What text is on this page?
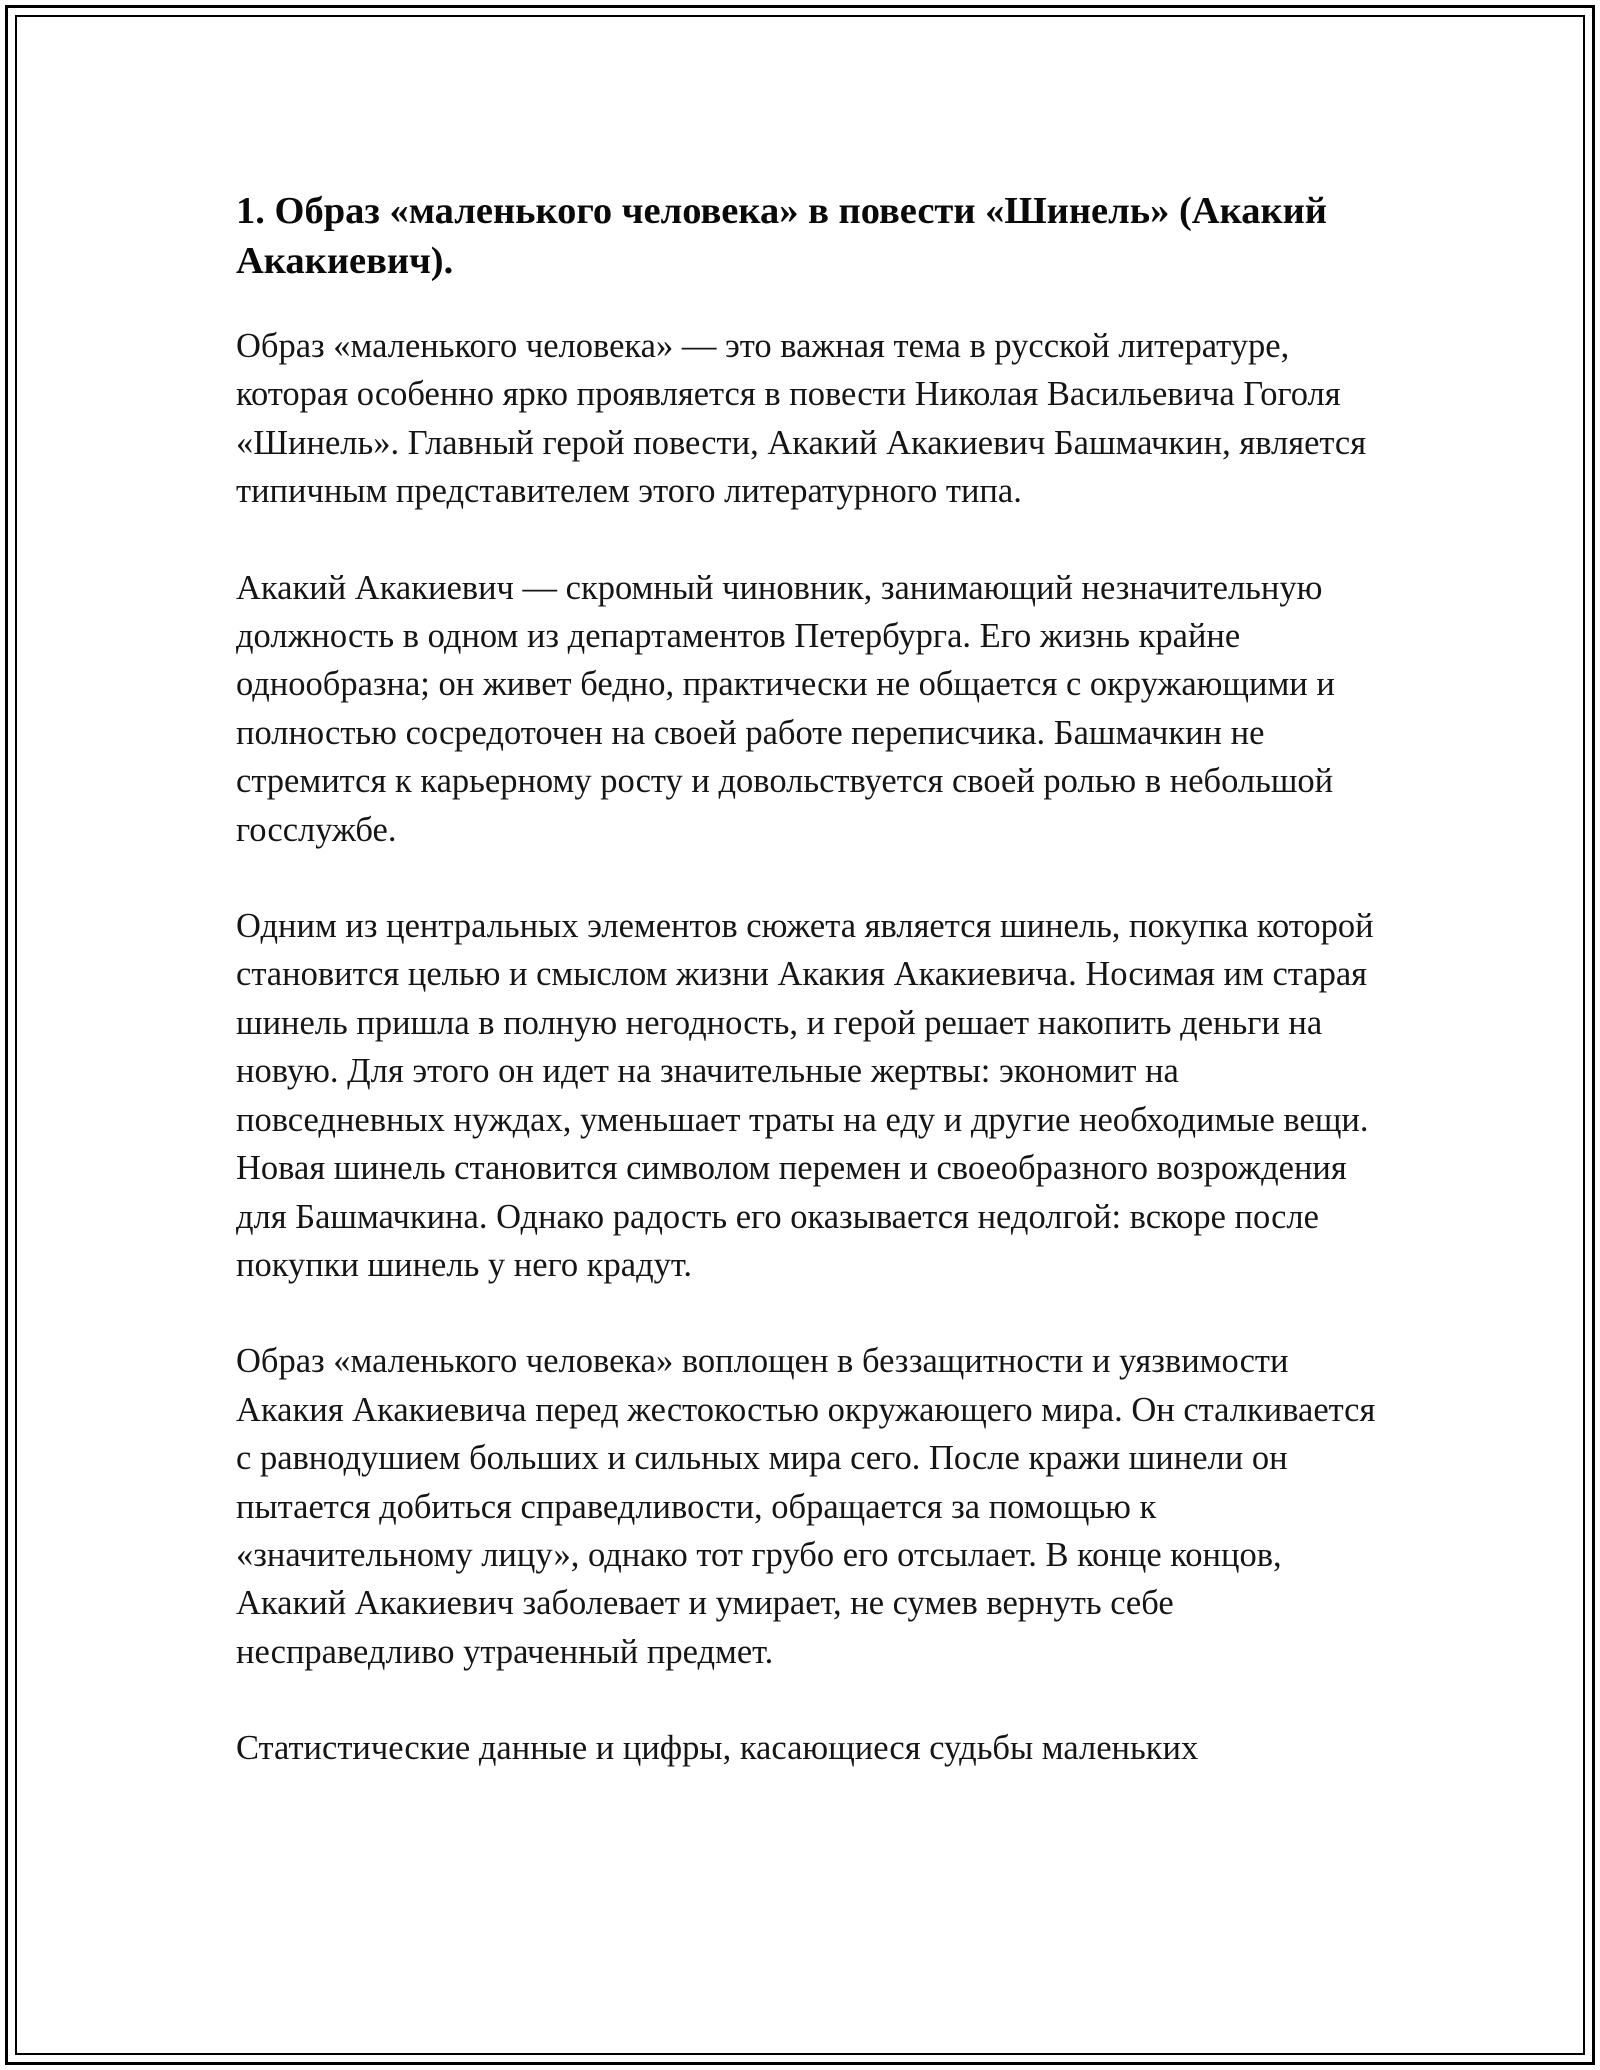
1. Образ «маленького человека» в повести «Шинель» (Акакий Акакиевич).

Образ «маленького человека» — это важная тема в русской литературе, которая особенно ярко проявляется в повести Николая Васильевича Гоголя «Шинель». Главный герой повести, Акакий Акакиевич Башмачкин, является типичным представителем этого литературного типа.

Акакий Акакиевич — скромный чиновник, занимающий незначительную должность в одном из департаментов Петербурга. Его жизнь крайне однообразна; он живет бедно, практически не общается с окружающими и полностью сосредоточен на своей работе переписчика. Башмачкин не стремится к карьерному росту и довольствуется своей ролью в небольшой госслужбе.

Одним из центральных элементов сюжета является шинель, покупка которой становится целью и смыслом жизни Акакия Акакиевича. Носимая им старая шинель пришла в полную негодность, и герой решает накопить деньги на новую. Для этого он идет на значительные жертвы: экономит на повседневных нуждах, уменьшает траты на еду и другие необходимые вещи. Новая шинель становится символом перемен и своеобразного возрождения для Башмачкина. Однако радость его оказывается недолгой: вскоре после покупки шинель у него крадут.

Образ «маленького человека» воплощен в беззащитности и уязвимости Акакия Акакиевича перед жестокостью окружающего мира. Он сталкивается с равнодушием больших и сильных мира сего. После кражи шинели он пытается добиться справедливости, обращается за помощью к «значительному лицу», однако тот грубо его отсылает. В конце концов, Акакий Акакиевич заболевает и умирает, не сумев вернуть себе несправедливо утраченный предмет.

Статистические данные и цифры, касающиеся судьбы маленьких
